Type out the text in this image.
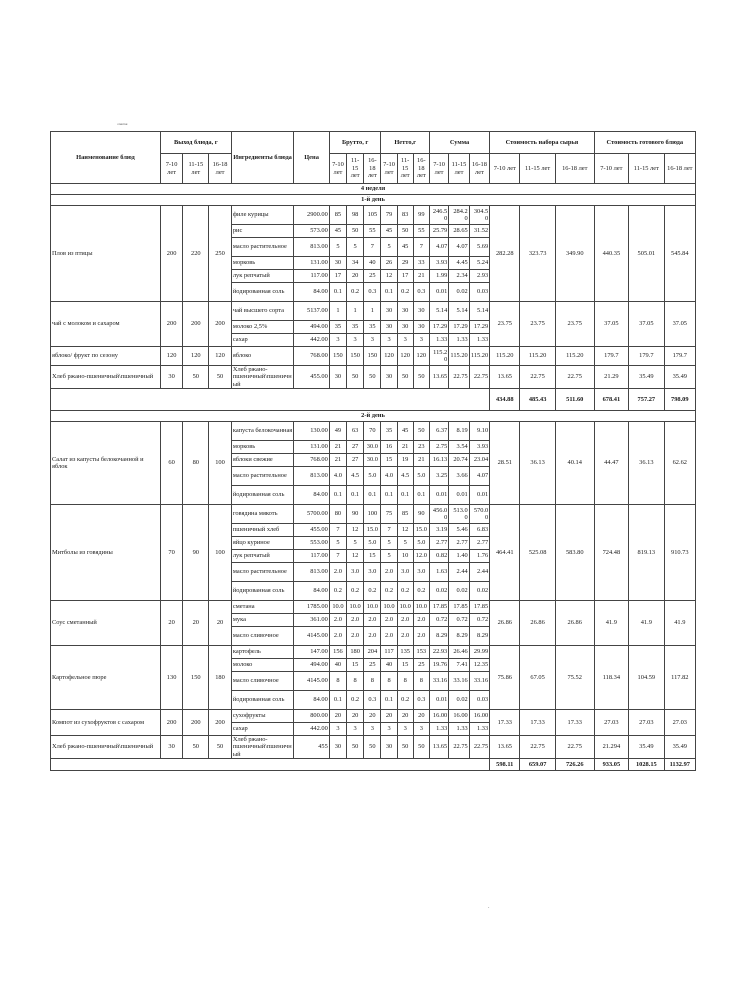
отметки
Наименование блюд	Выход блюда, г			Ингредиенты блюда	Цена	Брутто, г			Нетто,г			Сумма			Стоимость набора сырья			Стоимость готового блюда		
	7-10 лет	11-15 лет	16-18 лет			7-10 лет	11-15 лет	16-18 лет	7-10 лет	11-15 лет	16-18 лет	7-10 лет	11-15 лет	16-18 лет	7-10 лет	11-15 лет	16-18 лет	7-10 лет	11-15 лет	16-18 лет
4 неделя																				
1-й день																				
Плов из птицы	200	220	250	филе курицы	2900.00	85	98	105	79	83	99	246.50	284.20	304.50	282.28	323.73	349.90	440.35	505.01	545.84
				рис	573.00	45	50	55	45	50	55	25.79	28.65	31.52						
				масло растительное	813.00	5	5	7	5	45	7	4.07	4.07	5.69						
				морковь	131.00	30	34	40	26	29	33	3.93	4.45	5.24						
				лук репчатый	117.00	17	20	25	12	17	21	1.99	2.34	2.93						
				йодированная соль	84.00	0.1	0.2	0.3	0.1	0.2	0.3	0.01	0.02	0.03						
чай с молоком и сахаром	200	200	200	чай высшего сорта	5137.00	1	1	1	30	30	30	5.14	5.14	5.14	23.75	23.75	23.75	37.05	37.05	37.05
				молоко 2,5%	494.00	35	35	35	30	30	30	17.29	17.29	17.29						
				сахар	442.00	3	3	3	3	3	3	1.33	1.33	1.33						
яблоко/ фрукт по сезону	120	120	120	яблоко	768.00	150	150	150	120	120	120	115.20	115.20	115.20	115.20	115.20	115.20	179.7	179.7	179.7
Хлеб ржано-пшеничный\пшеничный	30	50	50	Хлеб ржано-пшеничный\пшеничный	455.00	30	50	50	30	50	50	13.65	22.75	22.75	13.65	22.75	22.75	21.29	35.49	35.49
															434.88	485.43	511.60	678.41	757.27	798.09
2-й день																				
Салат из капусты белокочанной и яблок	60	80	100	капуста белокочанная	130.00	49	63	70	35	45	50	6.37	8.19	9.10	28.51	36.13	40.14	44.47	36.13	62.62
				морковь	131.00	21	27	30.0	16	21	23	2.75	3.54	3.93						
				яблоки свежие	768.00	21	27	30.0	15	19	21	16.13	20.74	23.04						
				масло растительное	813.00	4.0	4.5	5.0	4.0	4.5	5.0	3.25	3.66	4.07						
				йодированная соль	84.00	0.1	0.1	0.1	0.1	0.1	0.1	0.01	0.01	0.01						
Митболы из говядины	70	90	100	говядина мякоть	5700.00	80	90	100	75	85	90	456.00	513.00	570.00	464.41	525.08	583.80	724.48	819.13	910.73
				пшеничный хлеб	455.00	7	12	15.0	7	12	15.0	3.19	5.46	6.83						
				яйцо куриное	553.00	5	5	5.0	5	5	5.0	2.77	2.77	2.77						
				лук репчатый	117.00	7	12	15	5	10	12.0	0.82	1.40	1.76						
				масло растительное	813.00	2.0	3.0	3.0	2.0	3.0	3.0	1.63	2.44	2.44						
				йодированная соль	84.00	0.2	0.2	0.2	0.2	0.2	0.2	0.02	0.02	0.02						
Соус сметанный	20	20	20	сметана	1785.00	10.0	10.0	10.0	10.0	10.0	10.0	17.85	17.85	17.85	26.86	26.86	26.86	41.9	41.9	41.9
				мука	361.00	2.0	2.0	2.0	2.0	2.0	2.0	0.72	0.72	0.72						
				масло сливочное	4145.00	2.0	2.0	2.0	2.0	2.0	2.0	8.29	8.29	8.29						
Картофельное пюре	130	150	180	картофель	147.00	156	180	204	117	135	153	22.93	26.46	29.99	75.86	67.05	75.52	118.34	104.59	117.82
				молоко	494.00	40	15	25	40	15	25	19.76	7.41	12.35						
				масло сливочное	4145.00	8	8	8	8	8	8	33.16	33.16	33.16						
				йодированная соль	84.00	0.1	0.2	0.3	0.1	0.2	0.3	0.01	0.02	0.03						
Компот из сухофруктов с сахаром	200	200	200	сухофрукты	800.00	20	20	20	20	20	20	16.00	16.00	16.00	17.33	17.33	17.33	27.03	27.03	27.03
				сахар	442.00	3	3	3	3	3	3	1.33	1.33	1.33						
Хлеб ржано-пшеничный\пшеничный	30	50	50	Хлеб ржано-пшеничный\пшеничный	455	30	50	50	30	50	50	13.65	22.75	22.75	13.65	22.75	22.75	21.294	35.49	35.49
															598.11	659.07	726.26	933.05	1028.15	1132.97
.
